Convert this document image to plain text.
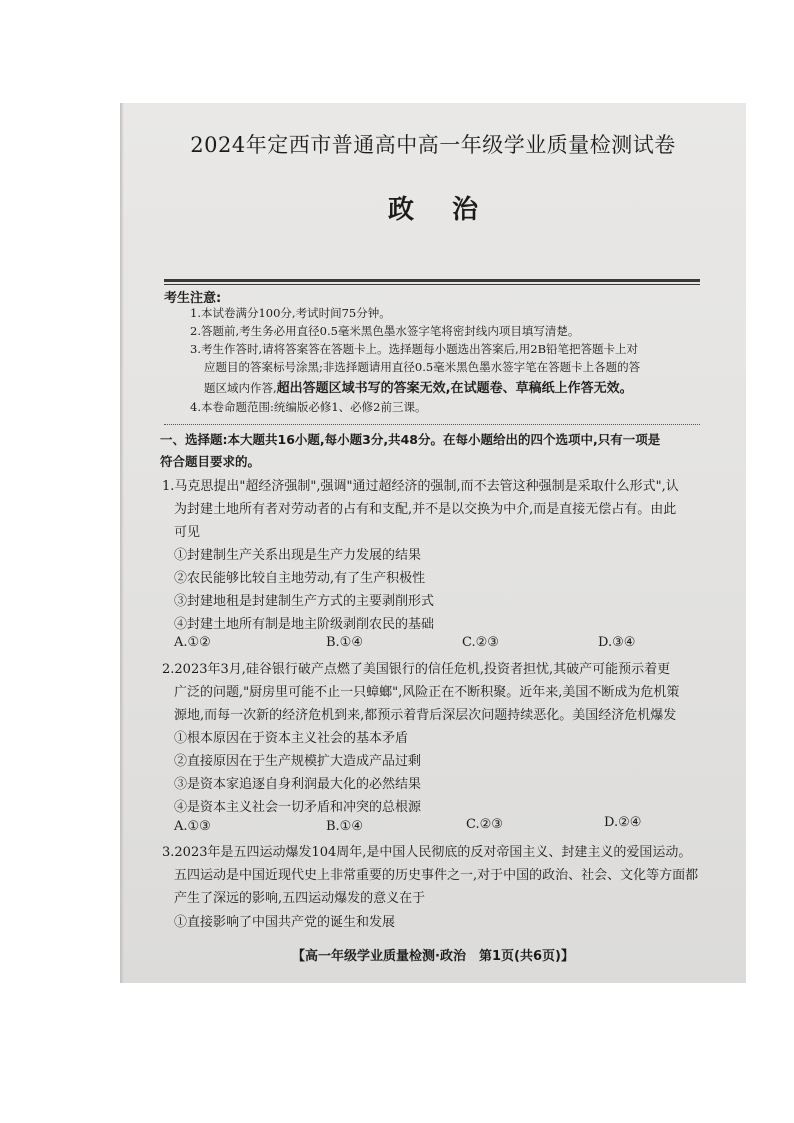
2024年定西市普通高中高一年级学业质量检测试卷
政治
考生注意:
1.本试卷满分100分,考试时间75分钟。
2.答题前,考生务必用直径0.5毫米黑色墨水签字笔将密封线内项目填写清楚。
3.考生作答时,请将答案答在答题卡上。选择题每小题选出答案后,用2B铅笔把答题卡上对
应题目的答案标号涂黑;非选择题请用直径0.5毫米黑色墨水签字笔在答题卡上各题的答
题区域内作答,超出答题区域书写的答案无效,在试题卷、草稿纸上作答无效。
4.本卷命题范围:统编版必修1、必修2前三课。
一、选择题:本大题共16小题,每小题3分,共48分。在每小题给出的四个选项中,只有一项是
符合题目要求的。
1.马克思提出"超经济强制",强调"通过超经济的强制,而不去管这种强制是采取什么形式",认
为封建土地所有者对劳动者的占有和支配,并不是以交换为中介,而是直接无偿占有。由此
可见
①封建制生产关系出现是生产力发展的结果
②农民能够比较自主地劳动,有了生产积极性
③封建地租是封建制生产方式的主要剥削形式
④封建土地所有制是地主阶级剥削农民的基础
A.①②	B.①④	C.②③	D.③④
2.2023年3月,硅谷银行破产点燃了美国银行的信任危机,投资者担忧,其破产可能预示着更
广泛的问题,"厨房里可能不止一只蟑螂",风险正在不断积聚。近年来,美国不断成为危机策
源地,而每一次新的经济危机到来,都预示着背后深层次问题持续恶化。美国经济危机爆发
①根本原因在于资本主义社会的基本矛盾
②直接原因在于生产规模扩大造成产品过剩
③是资本家追逐自身利润最大化的必然结果
④是资本主义社会一切矛盾和冲突的总根源
A.①③	B.①④	C.②③	D.②④
3.2023年是五四运动爆发104周年,是中国人民彻底的反对帝国主义、封建主义的爱国运动。
五四运动是中国近现代史上非常重要的历史事件之一,对于中国的政治、社会、文化等方面都
产生了深远的影响,五四运动爆发的意义在于
①直接影响了中国共产党的诞生和发展
【高一年级学业质量检测·政治　第1页(共6页)】
